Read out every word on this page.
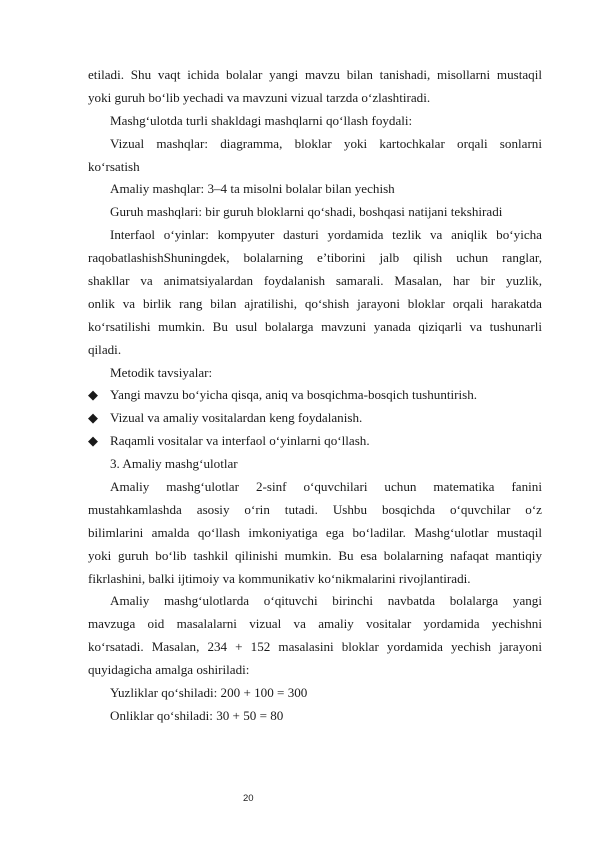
etiladi. Shu vaqt ichida bolalar yangi mavzu bilan tanishadi, misollarni mustaqil
yoki guruh bo‘lib yechadi va mavzuni vizual tarzda o‘zlashtiradi.
Mashg‘ulotda turli shakldagi mashqlarni qo‘llash foydali:
Vizual mashqlar: diagramma, bloklar yoki kartochkalar orqali sonlarni
ko‘rsatish
Amaliy mashqlar: 3–4 ta misolni bolalar bilan yechish
Guruh mashqlari: bir guruh bloklarni qo‘shadi, boshqasi natijani tekshiradi
Interfaol o‘yinlar: kompyuter dasturi yordamida tezlik va aniqlik bo‘yicha
raqobatlashishShuningdek, bolalarning e’tiborini jalb qilish uchun ranglar,
shakllar va animatsiyalardan foydalanish samarali. Masalan, har bir yuzlik,
onlik va birlik rang bilan ajratilishi, qo‘shish jarayoni bloklar orqali harakatda
ko‘rsatilishi mumkin. Bu usul bolalarga mavzuni yanada qiziqarli va tushunarli
qiladi.
Metodik tavsiyalar:
◆ Yangi mavzu bo‘yicha qisqa, aniq va bosqichma-bosqich tushuntirish.
◆ Vizual va amaliy vositalardan keng foydalanish.
◆ Raqamli vositalar va interfaol o‘yinlarni qo‘llash.
3. Amaliy mashg‘ulotlar
Amaliy mashg‘ulotlar 2-sinf o‘quvchilari uchun matematika fanini
mustahkamlashda asosiy o‘rin tutadi. Ushbu bosqichda o‘quvchilar o‘z
bilimlarini amalda qo‘llash imkoniyatiga ega bo‘ladilar. Mashg‘ulotlar mustaqil
yoki guruh bo‘lib tashkil qilinishi mumkin. Bu esa bolalarning nafaqat mantiqiy
fikrlashini, balki ijtimoiy va kommunikativ ko‘nikmalarini rivojlantiradi.
Amaliy mashg‘ulotlarda o‘qituvchi birinchi navbatda bolalarga yangi
mavzuga oid masalalarni vizual va amaliy vositalar yordamida yechishni
ko‘rsatadi. Masalan, 234 + 152 masalasini bloklar yordamida yechish jarayoni
quyidagicha amalga oshiriladi:
Yuzliklar qo‘shiladi: 200 + 100 = 300
Onliklar qo‘shiladi: 30 + 50 = 80
20
